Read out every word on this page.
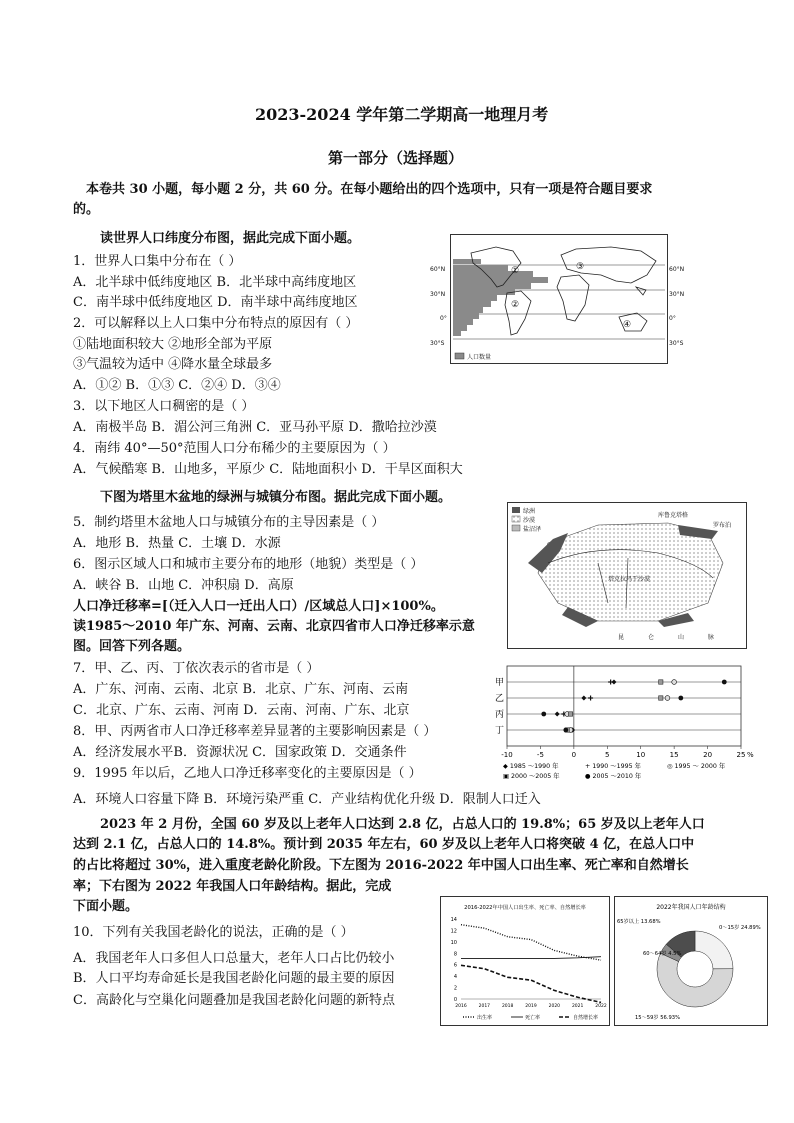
2023-2024 学年第二学期高一地理月考
第一部分（选择题）
本卷共 30 小题，每小题 2 分，共 60 分。在每小题给出的四个选项中，只有一项是符合题目要求
的。
读世界人口纬度分布图，据此完成下面小题。
1．世界人口集中分布在（ ）
A．北半球中低纬度地区 B．北半球中高纬度地区
C．南半球中低纬度地区 D．南半球中高纬度地区
2．可以解释以上人口集中分布特点的原因有（ ）
①陆地面积较大 ②地形全部为平原
③气温较为适中 ④降水量全球最多
A．①② B．①③ C．②④ D．③④
3．以下地区人口稠密的是（ ）
A．南极半岛 B．湄公河三角洲 C．亚马孙平原 D．撒哈拉沙漠
4．南纬 40°—50°范围人口分布稀少的主要原因为（ ）
A．气候酷寒 B．山地多，平原少 C．陆地面积小 D．干旱区面积大
①
②
③
④
人口数量
60°N
30°N
0°
30°S
60°N
30°N
0°
30°S
下图为塔里木盆地的绿洲与城镇分布图。据此完成下面小题。
5．制约塔里木盆地人口与城镇分布的主导因素是（ ）
A．地形 B．热量 C．土壤 D．水源
6．图示区域人口和城市主要分布的地形（地貌）类型是（ ）
A．峡谷 B．山地 C．冲积扇 D．高原
绿洲
沙漠
盐沼泽
库鲁克塔格
罗布泊
塔克拉玛干沙漠
昆	仑	山	脉
人口净迁移率=[（迁入人口一迁出人口）/区域总人口]×100%。
读1985～2010 年广东、河南、云南、北京四省市人口净迁移率示意
图。回答下列各题。
7．甲、乙、丙、丁依次表示的省市是（ ）
A．广东、河南、云南、北京 B．北京、广东、河南、云南
C．北京、广东、云南、河南 D．云南、河南、广东、北京
8．甲、丙两省市人口净迁移率差异显著的主要影响因素是（ ）
A．经济发展水平B．资源状况 C．国家政策 D．交通条件
9．1995 年以后，乙地人口净迁移率变化的主要原因是（ ）
A．环境人口容量下降 B．环境污染严重 C．产业结构优化升级 D．限制人口迁入
甲
乙
丙
丁
-10	-5	0	5	10	15	20	25 %
◆ 1985 ～1990 年	+ 1990 ～1995 年	◎ 1995 ～ 2000 年
▣ 2000 ～2005 年	● 2005 ～2010 年
2023 年 2 月份，全国 60 岁及以上老年人口达到 2.8 亿，占总人口的 19.8%；65 岁及以上老年人口
达到 2.1 亿，占总人口的 14.8%。预计到 2035 年左右，60 岁及以上老年人口将突破 4 亿，在总人口中
的占比将超过 30%，进入重度老龄化阶段。下左图为 2016-2022 年中国人口出生率、死亡率和自然增长
率；下右图为 2022 年我国人口年龄结构。据此，完成
下面小题。
10．下列有关我国老龄化的说法，正确的是（ ）
A．我国老年人口多但人口总量大，老年人口占比仍较小
B．人口平均寿命延长是我国老龄化问题的最主要的原因
C．高龄化与空巢化问题叠加是我国老龄化问题的新特点
2016-2022年中国人口出生率、死亡率、自然增长率
0
2
4
6
8
10
12
14
2016	2017	2018	2019	2020	2021	2022
出生率	死亡率	自然增长率
2022年我国人口年龄结构
0～15岁 24.89%
15～59岁 56.93%
60～64岁 4.5%
65岁以上 13.68%
